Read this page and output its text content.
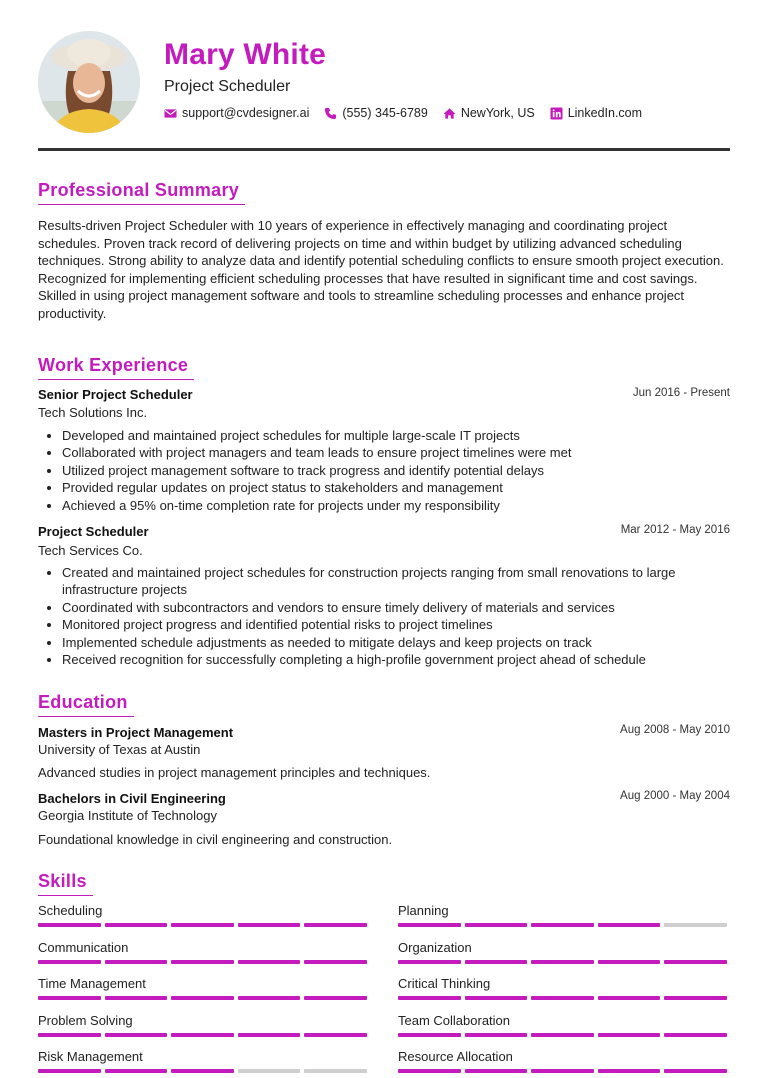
Mary White
Project Scheduler
support@cvdesigner.ai	(555) 345-6789	NewYork, US	LinkedIn.com
Professional Summary
Results-driven Project Scheduler with 10 years of experience in effectively managing and coordinating project schedules. Proven track record of delivering projects on time and within budget by utilizing advanced scheduling techniques. Strong ability to analyze data and identify potential scheduling conflicts to ensure smooth project execution. Recognized for implementing efficient scheduling processes that have resulted in significant time and cost savings. Skilled in using project management software and tools to streamline scheduling processes and enhance project productivity.
Work Experience
Senior Project Scheduler	Jun 2016 - Present
Tech Solutions Inc.
• Developed and maintained project schedules for multiple large-scale IT projects
• Collaborated with project managers and team leads to ensure project timelines were met
• Utilized project management software to track progress and identify potential delays
• Provided regular updates on project status to stakeholders and management
• Achieved a 95% on-time completion rate for projects under my responsibility
Project Scheduler	Mar 2012 - May 2016
Tech Services Co.
• Created and maintained project schedules for construction projects ranging from small renovations to large infrastructure projects
• Coordinated with subcontractors and vendors to ensure timely delivery of materials and services
• Monitored project progress and identified potential risks to project timelines
• Implemented schedule adjustments as needed to mitigate delays and keep projects on track
• Received recognition for successfully completing a high-profile government project ahead of schedule
Education
Masters in Project Management	Aug 2008 - May 2010
University of Texas at Austin
Advanced studies in project management principles and techniques.
Bachelors in Civil Engineering	Aug 2000 - May 2004
Georgia Institute of Technology
Foundational knowledge in civil engineering and construction.
Skills
Scheduling	Planning
Communication	Organization
Time Management	Critical Thinking
Problem Solving	Team Collaboration
Risk Management	Resource Allocation
